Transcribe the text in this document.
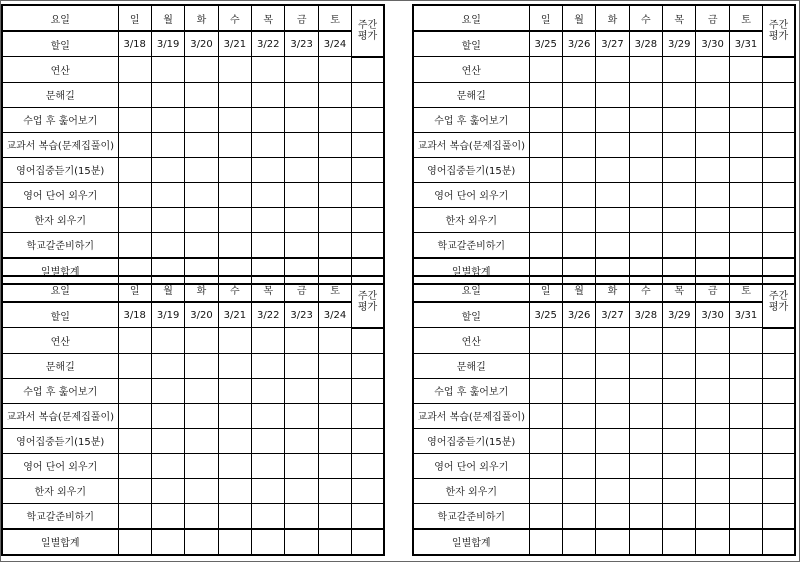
요일	일	월	화	수	목	금	토	주간
평가
할일	3/18	3/19	3/20	3/21	3/22	3/23	3/24	
연산								
문해길								
수업 후 훑어보기								
교과서 복습(문제집풀이)								
영어집중듣기(15분)								
영어 단어 외우기								
한자 외우기								
학교갈준비하기								
일별합계								
요일	일	월	화	수	목	금	토	주간
평가
할일	3/25	3/26	3/27	3/28	3/29	3/30	3/31	
연산								
문해길								
수업 후 훑어보기								
교과서 복습(문제집풀이)								
영어집중듣기(15분)								
영어 단어 외우기								
한자 외우기								
학교갈준비하기								
일별합계								
요일	일	월	화	수	목	금	토	주간
평가
할일	3/18	3/19	3/20	3/21	3/22	3/23	3/24	
연산								
문해길								
수업 후 훑어보기								
교과서 복습(문제집풀이)								
영어집중듣기(15분)								
영어 단어 외우기								
한자 외우기								
학교갈준비하기								
일별합계								
요일	일	월	화	수	목	금	토	주간
평가
할일	3/25	3/26	3/27	3/28	3/29	3/30	3/31	
연산								
문해길								
수업 후 훑어보기								
교과서 복습(문제집풀이)								
영어집중듣기(15분)								
영어 단어 외우기								
한자 외우기								
학교갈준비하기								
일별합계								
